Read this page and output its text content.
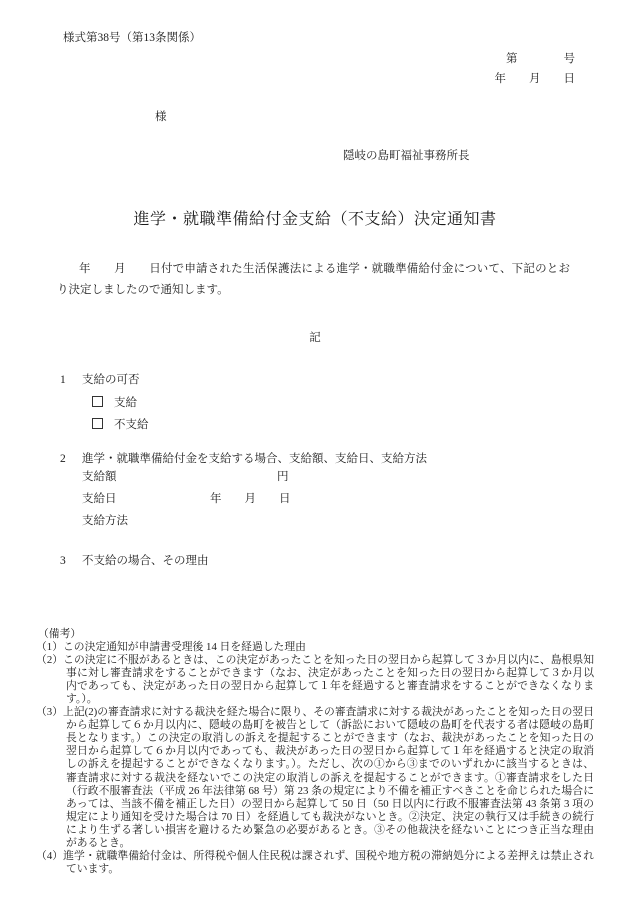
様式第38号（第13条関係）
第　　　　号
年　　月　　日
様
隠岐の島町福祉事務所長
進学・就職準備給付金支給（不支給）決定通知書
年　　月　　日付で申請された生活保護法による進学・就職準備給付金について、下記のとおり決定しましたので通知します。
記
1	支給の可否
支給
不支給
2	進学・就職準備給付金を支給する場合、支給額、支給日、支給方法
支給額	円
支給日	年　　月　　日
支給方法
3	不支給の場合、その理由
（備考）
（1）この決定通知が申請書受理後 14 日を経過した理由
（2）この決定に不服があるときは、この決定があったことを知った日の翌日から起算して３か月以内に、島根県知事に対し審査請求をすることができます（なお、決定があったことを知った日の翌日から起算して３か月以内であっても、決定があった日の翌日から起算して１年を経過すると審査請求をすることができなくなります。）。
（3）上記(2)の審査請求に対する裁決を経た場合に限り、その審査請求に対する裁決があったことを知った日の翌日から起算して６か月以内に、隠岐の島町を被告として（訴訟において隠岐の島町を代表する者は隠岐の島町長となります。）この決定の取消しの訴えを提起することができます（なお、裁決があったことを知った日の翌日から起算して６か月以内であっても、裁決があった日の翌日から起算して１年を経過すると決定の取消しの訴えを提起することができなくなります。）。ただし、次の①から③までのいずれかに該当するときは、審査請求に対する裁決を経ないでこの決定の取消しの訴えを提起することができます。①審査請求をした日（行政不服審査法（平成 26 年法律第 68 号）第 23 条の規定により不備を補正すべきことを命じられた場合にあっては、当該不備を補正した日）の翌日から起算して 50 日（50 日以内に行政不服審査法第 43 条第 3 項の規定により通知を受けた場合は 70 日）を経過しても裁決がないとき。②決定、決定の執行又は手続きの続行により生ずる著しい損害を避けるため緊急の必要があるとき。③その他裁決を経ないことにつき正当な理由があるとき。
（4）進学・就職準備給付金は、所得税や個人住民税は課されず、国税や地方税の滞納処分による差押えは禁止されています。
